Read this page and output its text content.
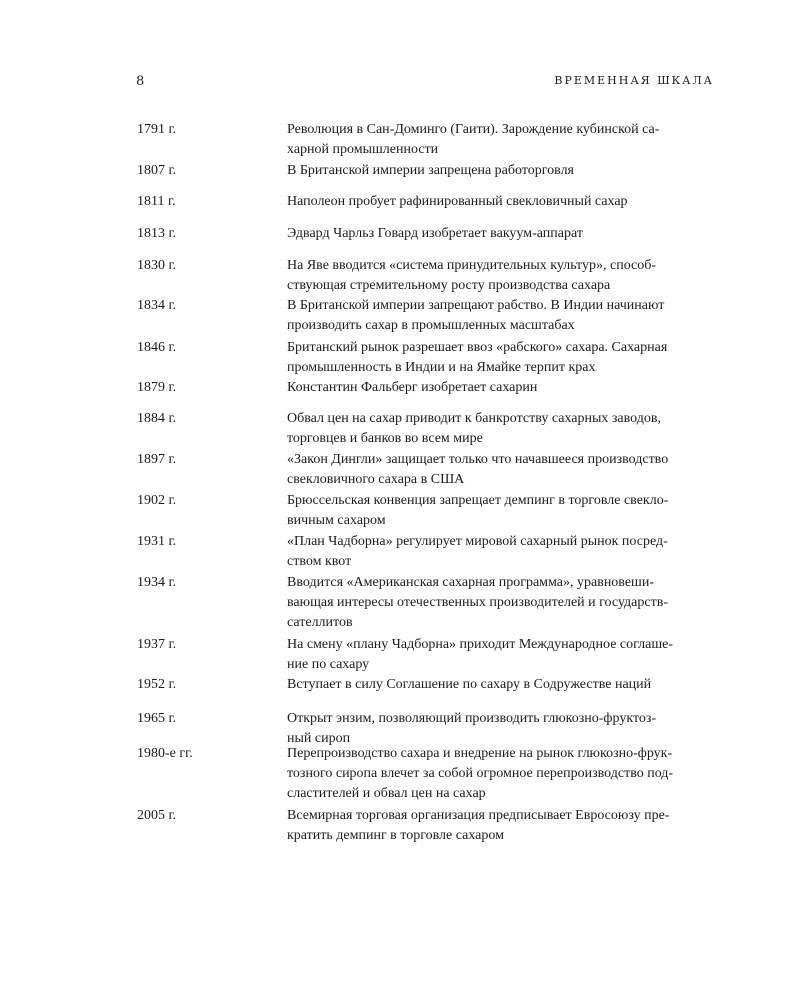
8	ВРЕМЕННАЯ ШКАЛА
1791 г.	Революция в Сан-Доминго (Гаити). Зарождение кубинской са-
харной промышленности
1807 г.	В Британской империи запрещена работорговля
1811 г.	Наполеон пробует рафинированный свекловичный сахар
1813 г.	Эдвард Чарльз Говард изобретает вакуум-аппарат
1830 г.	На Яве вводится «система принудительных культур», способ-
ствующая стремительному росту производства сахара
1834 г.	В Британской империи запрещают рабство. В Индии начинают
производить сахар в промышленных масштабах
1846 г.	Британский рынок разрешает ввоз «рабского» сахара. Сахарная
промышленность в Индии и на Ямайке терпит крах
1879 г.	Константин Фальберг изобретает сахарин
1884 г.	Обвал цен на сахар приводит к банкротству сахарных заводов,
торговцев и банков во всем мире
1897 г.	«Закон Дингли» защищает только что начавшееся производство
свекловичного сахара в США
1902 г.	Брюссельская конвенция запрещает демпинг в торговле свекло-
вичным сахаром
1931 г.	«План Чадборна» регулирует мировой сахарный рынок посред-
ством квот
1934 г.	Вводится «Американская сахарная программа», уравновеши-
вающая интересы отечественных производителей и государств-
сателлитов
1937 г.	На смену «плану Чадборна» приходит Международное соглаше-
ние по сахару
1952 г.	Вступает в силу Соглашение по сахару в Содружестве наций
1965 г.	Открыт энзим, позволяющий производить глюкозно-фруктоз-
ный сироп
1980-е гг.	Перепроизводство сахара и внедрение на рынок глюкозно-фрук-
тозного сиропа влечет за собой огромное перепроизводство под-
сластителей и обвал цен на сахар
2005 г.	Всемирная торговая организация предписывает Евросоюзу пре-
кратить демпинг в торговле сахаром
